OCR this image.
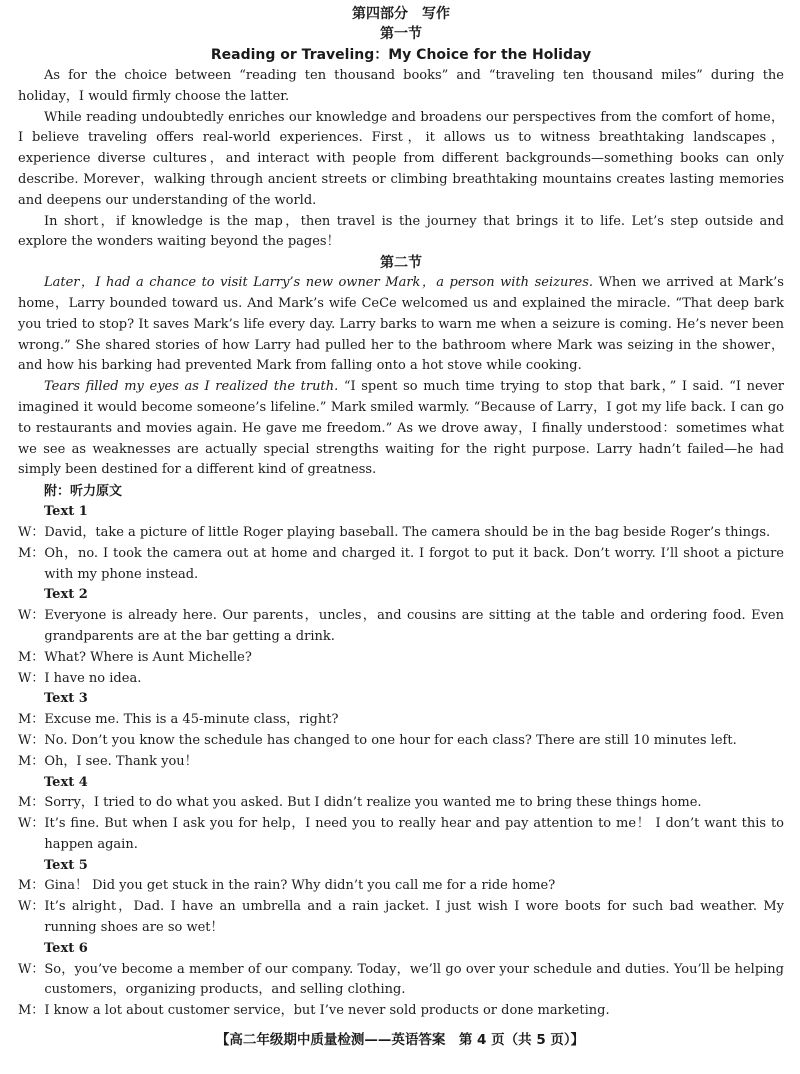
第四部分　写作
第一节
Reading or Traveling：My Choice for the Holiday

As for the choice between “reading ten thousand books” and “traveling ten thousand miles” during the holiday，I would firmly choose the latter.

While reading undoubtedly enriches our knowledge and broadens our perspectives from the comfort of home，I believe traveling offers real-world experiences. First，it allows us to witness breathtaking landscapes，experience diverse cultures，and interact with people from different backgrounds—something books can only describe. Morever，walking through ancient streets or climbing breathtaking mountains creates lasting memories and deepens our understanding of the world.

In short，if knowledge is the map，then travel is the journey that brings it to life. Let’s step outside and explore the wonders waiting beyond the pages！

第二节

Later，I had a chance to visit Larry’s new owner Mark，a person with seizures. When we arrived at Mark’s home，Larry bounded toward us. And Mark’s wife CeCe welcomed us and explained the miracle. “That deep bark you tried to stop? It saves Mark’s life every day. Larry barks to warn me when a seizure is coming. He’s never been wrong.” She shared stories of how Larry had pulled her to the bathroom where Mark was seizing in the shower，and how his barking had prevented Mark from falling onto a hot stove while cooking.

Tears filled my eyes as I realized the truth. “I spent so much time trying to stop that bark，” I said. “I never imagined it would become someone’s lifeline.” Mark smiled warmly. “Because of Larry，I got my life back. I can go to restaurants and movies again. He gave me freedom.” As we drove away，I finally understood：sometimes what we see as weaknesses are actually special strengths waiting for the right purpose. Larry hadn’t failed—he had simply been destined for a different kind of greatness.

附：听力原文
Text 1
W： David，take a picture of little Roger playing baseball. The camera should be in the bag beside Roger’s things.
M： Oh，no. I took the camera out at home and charged it. I forgot to put it back. Don’t worry. I’ll shoot a picture with my phone instead.
Text 2
W： Everyone is already here. Our parents，uncles，and cousins are sitting at the table and ordering food. Even grandparents are at the bar getting a drink.
M： What? Where is Aunt Michelle?
W： I have no idea.
Text 3
M： Excuse me. This is a 45-minute class，right?
W： No. Don’t you know the schedule has changed to one hour for each class? There are still 10 minutes left.
M： Oh，I see. Thank you！
Text 4
M： Sorry，I tried to do what you asked. But I didn’t realize you wanted me to bring these things home.
W： It’s fine. But when I ask you for help，I need you to really hear and pay attention to me！ I don’t want this to happen again.
Text 5
M： Gina！ Did you get stuck in the rain? Why didn’t you call me for a ride home?
W： It’s alright，Dad. I have an umbrella and a rain jacket. I just wish I wore boots for such bad weather. My running shoes are so wet！
Text 6
W： So，you’ve become a member of our company. Today，we’ll go over your schedule and duties. You’ll be helping customers，organizing products，and selling clothing.
M： I know a lot about customer service，but I’ve never sold products or done marketing.
【高二年级期中质量检测——英语答案　第 4 页（共 5 页）】
